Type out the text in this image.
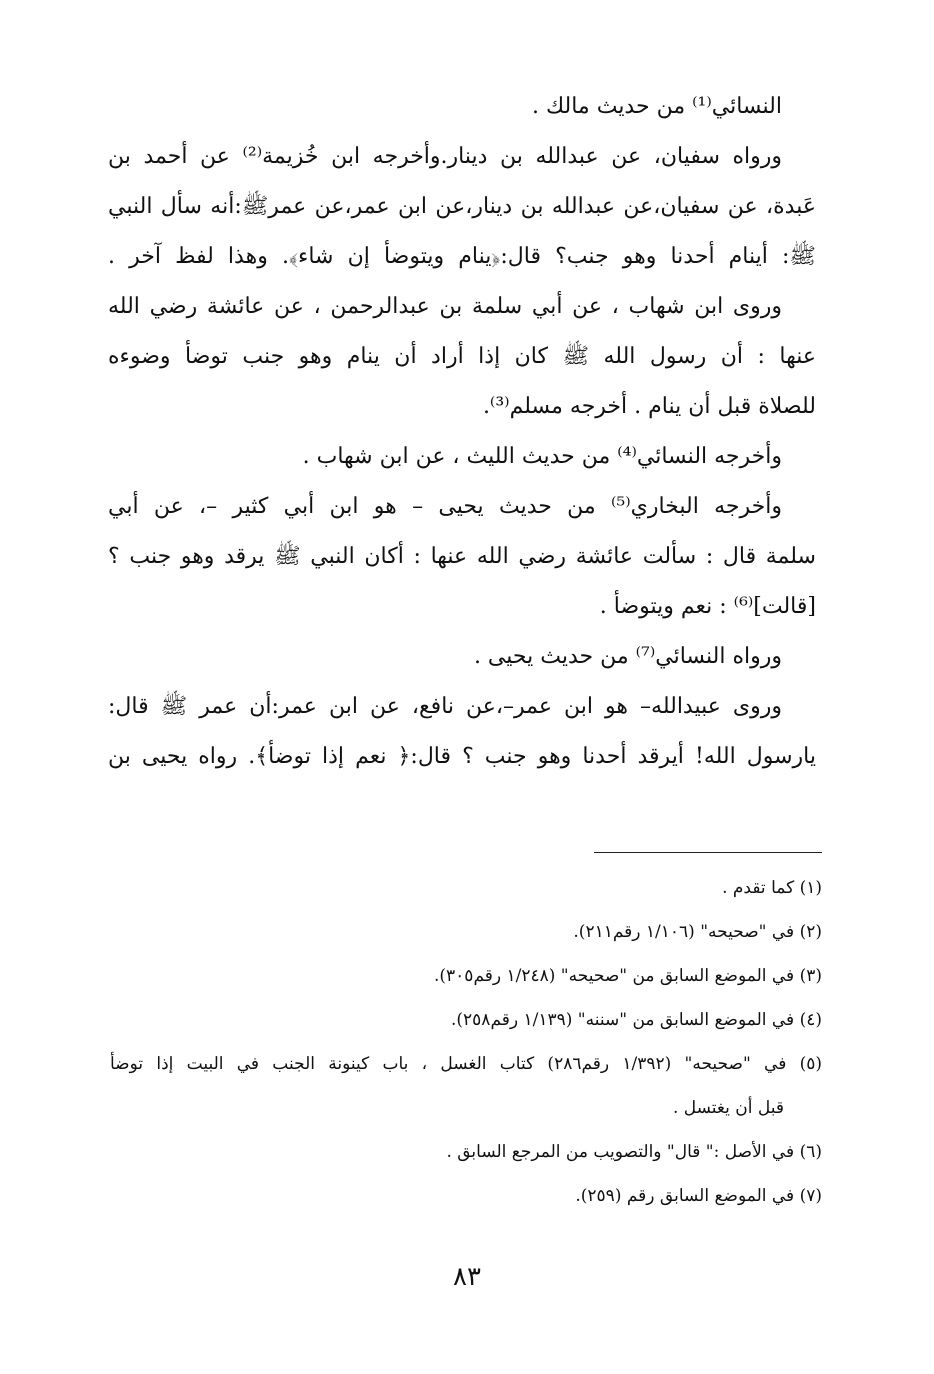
النسائي⁽¹⁾ من حديث مالك .
ورواه سفيان، عن عبدالله بن دينار.وأخرجه ابن خُزيمة⁽²⁾ عن أحمد بن
عَبدة، عن سفيان،عن عبدالله بن دينار،عن ابن عمر،عن عمرﷺ:أنه سأل النبي
ﷺ: أينام أحدنا وهو جنب؟ قال:﴿ينام ويتوضأ إن شاء﴾. وهذا لفظ آخر .
وروى ابن شهاب ، عن أبي سلمة بن عبدالرحمن ، عن عائشة رضي الله
عنها : أن رسول الله ﷺ كان إذا أراد أن ينام وهو جنب توضأ وضوءه
للصلاة قبل أن ينام . أخرجه مسلم⁽³⁾.
وأخرجه النسائي⁽⁴⁾ من حديث الليث ، عن ابن شهاب .
وأخرجه البخاري⁽⁵⁾ من حديث يحيى – هو ابن أبي كثير –، عن أبي
سلمة قال : سألت عائشة رضي الله عنها : أكان النبي ﷺ يرقد وهو جنب ؟
[قالت]⁽⁶⁾ : نعم ويتوضأ .
ورواه النسائي⁽⁷⁾ من حديث يحيى .
وروى عبيدالله– هو ابن عمر–،عن نافع، عن ابن عمر:أن عمر ﷺ قال:
يارسول الله! أيرقد أحدنا وهو جنب ؟ قال:﴿ نعم إذا توضأ﴾. رواه يحيى بن
(١) كما تقدم .
(٢) في "صحيحه" (١/١٠٦ رقم٢١١).
(٣) في الموضع السابق من "صحيحه" (١/٢٤٨ رقم٣٠٥).
(٤) في الموضع السابق من "سننه" (١/١٣٩ رقم٢٥٨).
(٥) في "صحيحه" (١/٣٩٢ رقم٢٨٦) كتاب الغسل ، باب كينونة الجنب في البيت إذا توضأ
قبل أن يغتسل .
(٦) في الأصل :" قال" والتصويب من المرجع السابق .
(٧) في الموضع السابق رقم (٢٥٩).
٨٣
